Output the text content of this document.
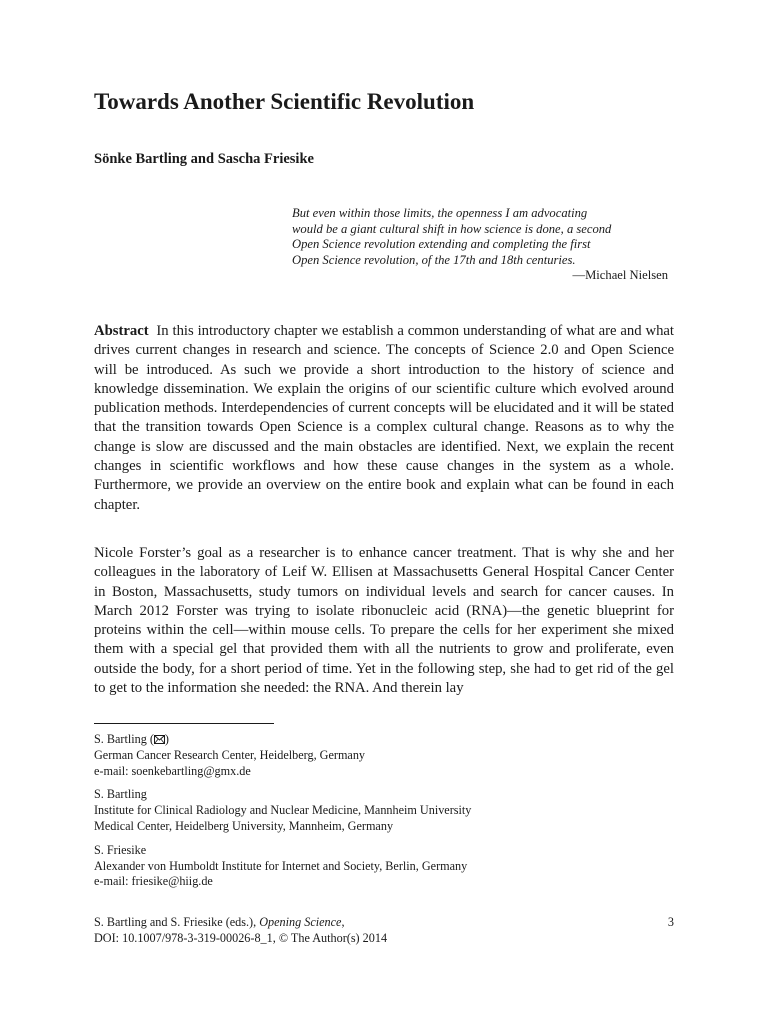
Towards Another Scientific Revolution
Sönke Bartling and Sascha Friesike
But even within those limits, the openness I am advocating
would be a giant cultural shift in how science is done, a second
Open Science revolution extending and completing the first
Open Science revolution, of the 17th and 18th centuries.
—Michael Nielsen

Abstract In this introductory chapter we establish a common understanding of what are and what drives current changes in research and science. The concepts of Science 2.0 and Open Science will be introduced. As such we provide a short introduction to the history of science and knowledge dissemination. We explain the origins of our scientific culture which evolved around publication methods. Interdependencies of current concepts will be elucidated and it will be stated that the transition towards Open Science is a complex cultural change. Reasons as to why the change is slow are discussed and the main obstacles are identified. Next, we explain the recent changes in scientific workflows and how these cause changes in the system as a whole. Furthermore, we provide an overview on the entire book and explain what can be found in each chapter.

Nicole Forster’s goal as a researcher is to enhance cancer treatment. That is why she and her colleagues in the laboratory of Leif W. Ellisen at Massachusetts General Hospital Cancer Center in Boston, Massachusetts, study tumors on individual levels and search for cancer causes. In March 2012 Forster was trying to isolate ribonucleic acid (RNA)—the genetic blueprint for proteins within the cell—within mouse cells. To prepare the cells for her experiment she mixed them with a special gel that provided them with all the nutrients to grow and proliferate, even outside the body, for a short period of time. Yet in the following step, she had to get rid of the gel to get to the information she needed: the RNA. And therein lay

S. Bartling ( )
German Cancer Research Center, Heidelberg, Germany
e-mail: soenkebartling@gmx.de
S. Bartling
Institute for Clinical Radiology and Nuclear Medicine, Mannheim University
Medical Center, Heidelberg University, Mannheim, Germany
S. Friesike
Alexander von Humboldt Institute for Internet and Society, Berlin, Germany
e-mail: friesike@hiig.de
S. Bartling and S. Friesike (eds.), Opening Science,	3
DOI: 10.1007/978-3-319-00026-8_1, © The Author(s) 2014
